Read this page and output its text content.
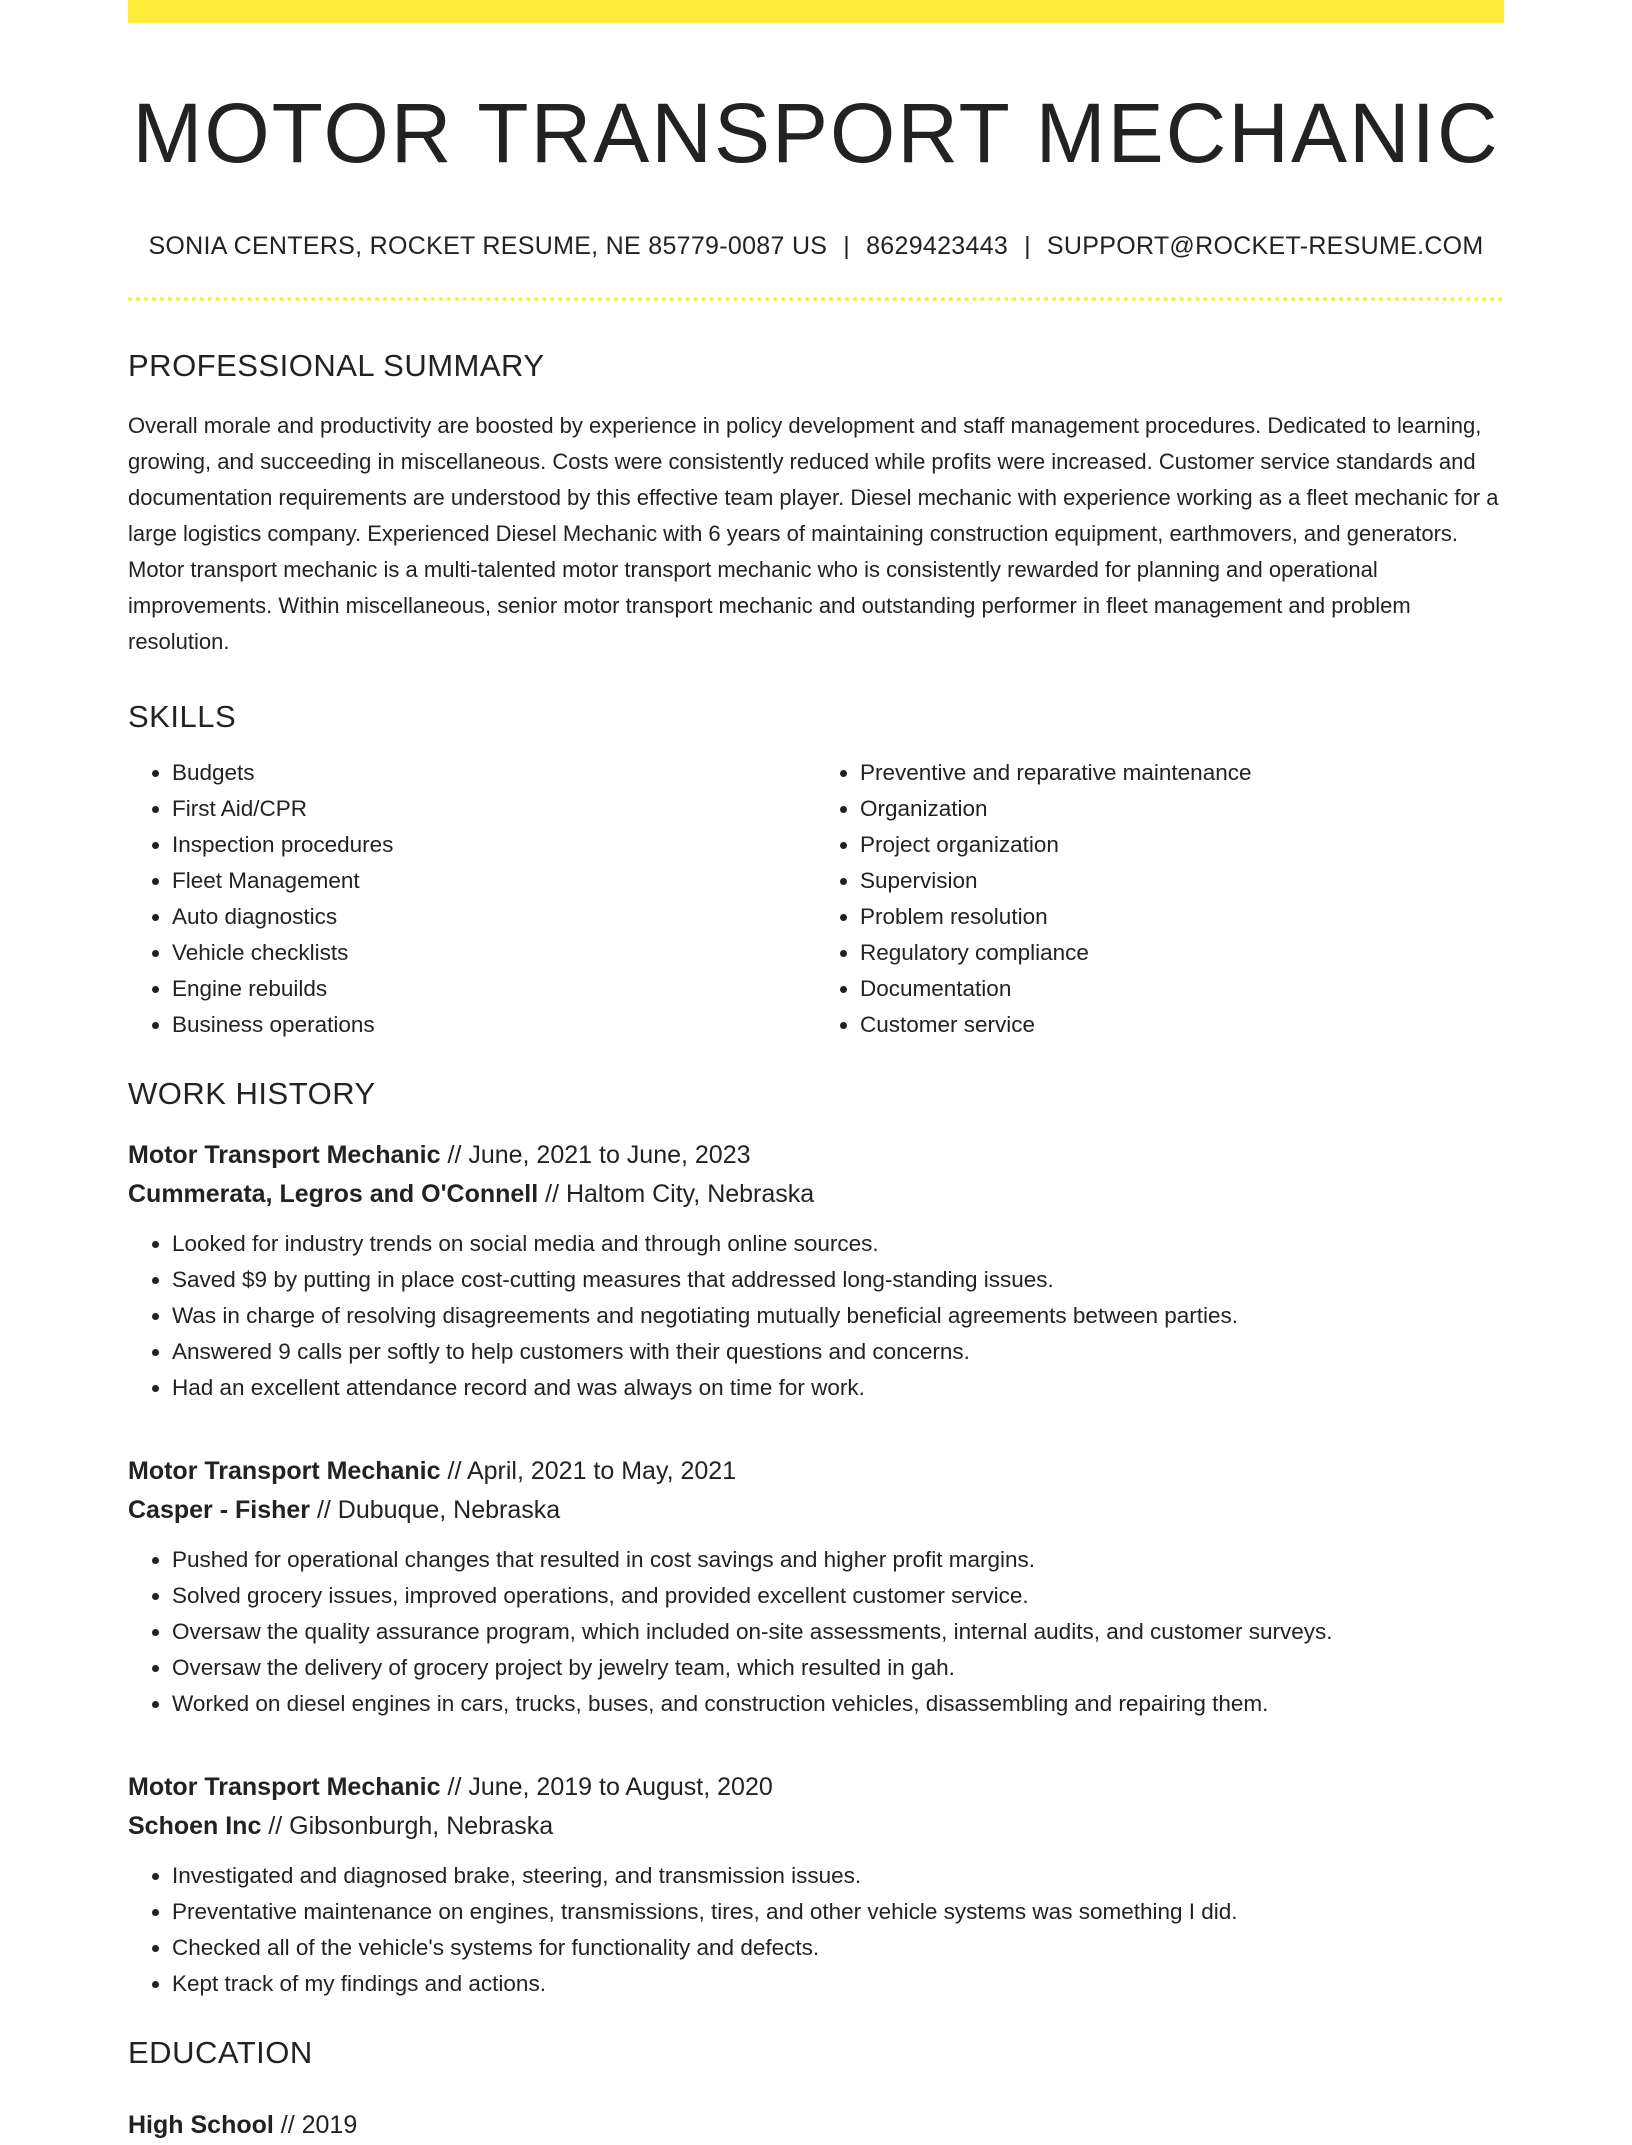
MOTOR TRANSPORT MECHANIC
SONIA CENTERS, ROCKET RESUME, NE 85779-0087 US | 8629423443 | SUPPORT@ROCKET-RESUME.COM
PROFESSIONAL SUMMARY
Overall morale and productivity are boosted by experience in policy development and staff management procedures. Dedicated to learning, growing, and succeeding in miscellaneous. Costs were consistently reduced while profits were increased. Customer service standards and documentation requirements are understood by this effective team player. Diesel mechanic with experience working as a fleet mechanic for a large logistics company. Experienced Diesel Mechanic with 6 years of maintaining construction equipment, earthmovers, and generators. Motor transport mechanic is a multi-talented motor transport mechanic who is consistently rewarded for planning and operational improvements. Within miscellaneous, senior motor transport mechanic and outstanding performer in fleet management and problem resolution.
SKILLS
• Budgets
• First Aid/CPR
• Inspection procedures
• Fleet Management
• Auto diagnostics
• Vehicle checklists
• Engine rebuilds
• Business operations
• Preventive and reparative maintenance
• Organization
• Project organization
• Supervision
• Problem resolution
• Regulatory compliance
• Documentation
• Customer service
WORK HISTORY
Motor Transport Mechanic // June, 2021 to June, 2023
Cummerata, Legros and O'Connell // Haltom City, Nebraska
• Looked for industry trends on social media and through online sources.
• Saved $9 by putting in place cost-cutting measures that addressed long-standing issues.
• Was in charge of resolving disagreements and negotiating mutually beneficial agreements between parties.
• Answered 9 calls per softly to help customers with their questions and concerns.
• Had an excellent attendance record and was always on time for work.
Motor Transport Mechanic // April, 2021 to May, 2021
Casper - Fisher // Dubuque, Nebraska
• Pushed for operational changes that resulted in cost savings and higher profit margins.
• Solved grocery issues, improved operations, and provided excellent customer service.
• Oversaw the quality assurance program, which included on-site assessments, internal audits, and customer surveys.
• Oversaw the delivery of grocery project by jewelry team, which resulted in gah.
• Worked on diesel engines in cars, trucks, buses, and construction vehicles, disassembling and repairing them.
Motor Transport Mechanic // June, 2019 to August, 2020
Schoen Inc // Gibsonburgh, Nebraska
• Investigated and diagnosed brake, steering, and transmission issues.
• Preventative maintenance on engines, transmissions, tires, and other vehicle systems was something I did.
• Checked all of the vehicle's systems for functionality and defects.
• Kept track of my findings and actions.
EDUCATION
High School // 2019
